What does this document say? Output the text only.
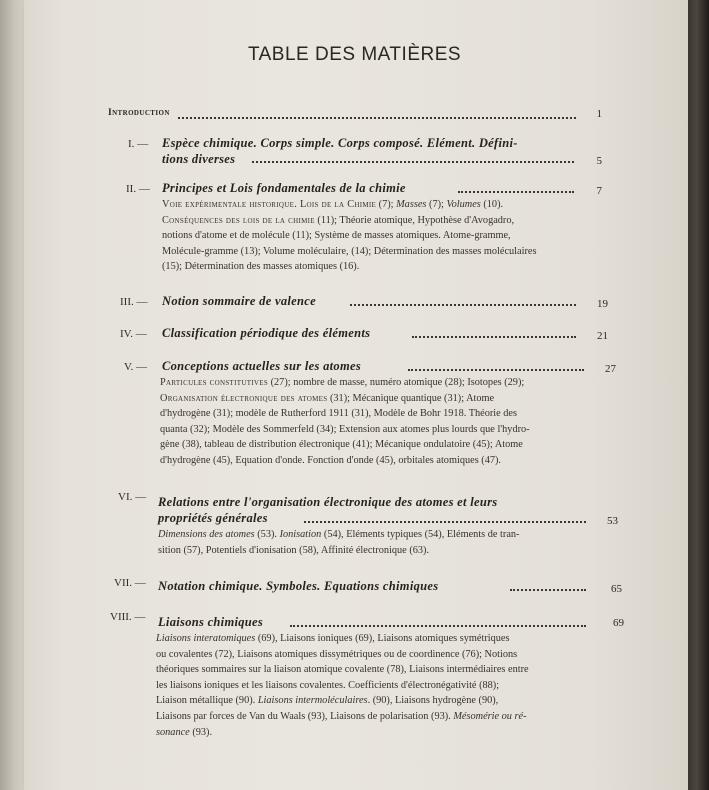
TABLE DES MATIÈRES
Introduction	1
I. — Espèce chimique. Corps simple. Corps composé. Elément. Défini-
tions diverses	5
II. — Principes et Lois fondamentales de la chimie	7
Voie expérimentale historique. Lois de la Chimie (7); Masses (7); Volumes (10).
Conséquences des lois de la chimie (11); Théorie atomique, Hypothèse d'Avogadro,
notions d'atome et de molécule (11); Système de masses atomiques. Atome-gramme,
Molécule-gramme (13); Volume moléculaire, (14); Détermination des masses moléculaires
(15); Détermination des masses atomiques (16).
III. — Notion sommaire de valence	19
IV. — Classification périodique des éléments	21
V. — Conceptions actuelles sur les atomes	27
Particules constitutives (27); nombre de masse, numéro atomique (28); Isotopes (29);
Organisation électronique des atomes (31); Mécanique quantique (31); Atome
d'hydrogène (31); modèle de Rutherford 1911 (31), Modèle de Bohr 1918. Théorie des
quanta (32); Modèle des Sommerfeld (34); Extension aux atomes plus lourds que l'hydro-
gène (38), tableau de distribution électronique (41); Mécanique ondulatoire (45); Atome
d'hydrogène (45), Equation d'onde. Fonction d'onde (45), orbitales atomiques (47).
VI. — Relations entre l'organisation électronique des atomes et leurs
propriétés générales	53
Dimensions des atomes (53). Ionisation (54), Eléments typiques (54), Eléments de tran-
sition (57), Potentiels d'ionisation (58), Affinité électronique (63).
VII. — Notation chimique. Symboles. Equations chimiques	65
VIII. — Liaisons chimiques	69
Liaisons interatomiques (69), Liaisons ioniques (69), Liaisons atomiques symétriques
ou covalentes (72), Liaisons atomiques dissymétriques ou de coordinence (76); Notions
théoriques sommaires sur la liaison atomique covalente (78), Liaisons intermédiaires entre
les liaisons ioniques et les liaisons covalentes. Coefficients d'électronégativité (88);
Liaison métallique (90). Liaisons intermoléculaires. (90), Liaisons hydrogène (90),
Liaisons par forces de Van du Waals (93), Liaisons de polarisation (93). Mésomérie ou ré-
sonance (93).
